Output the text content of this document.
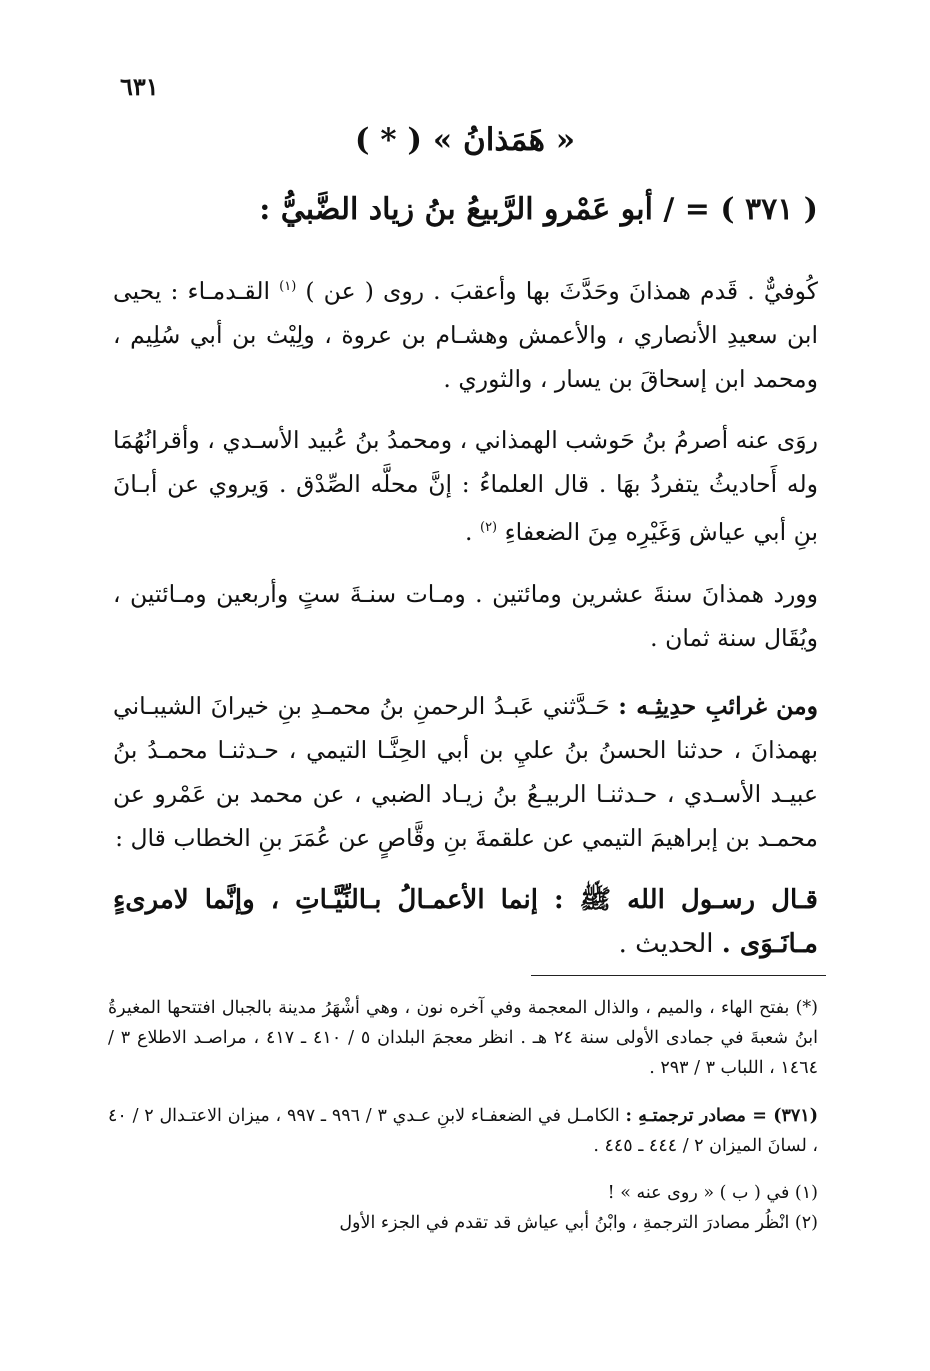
٦٣١
« هَمَذانُ » ( * )
( ٣٧١ ) = / أبو عَمْرو الرَّبيعُ بنُ زياد الضَّبيُّ :
كُوفيٌّ . قَدم همذانَ وحَدَّثَ بها وأعقبَ . روى ( عن ) $^{(١)}$ القـدمـاء : يحيى ابن سعيدِ الأنصاري ، والأعمش وهشـام بن عروة ، ولِيْث بن أبي سُلِيم ، ومحمد ابن إسحاقَ بن يسار ، والثوري .
روَى عنه أصرمُ بنُ حَوشب الهمذاني ، ومحمدُ بنُ عُبيد الأسـدي ، وأقرانُهُمَا وله أَحاديثُ يتفردُ بهَا . قال العلماءُ : إنَّ محلَّه الصِّدْق . وَيروي عن أبـانَ بنِ أبي عياش وَغَيْرِه مِنَ الضعفاءِ $^{(٢)}$ .
وورد همذانَ سنةَ عشرين ومائتين . ومـات سنـةَ ستٍ وأربعين ومـائتين ، ويُقَال سنة ثمان .
ومن غرائبِ حدِيثِـه : حَـدَّثني عَبـدُ الرحمنِ بنُ محمـدِ بنِ خيرانَ الشيبـاني بهمذانَ ، حدثنا الحسنُ بنُ عليِ بن أبي الحِنَّـا التيمي ، حـدثنـا محمـدُ بنُ عبيـد الأسـدي ، حـدثنـا الربيـعُ بنُ زيـاد الضبي ، عن محمد بن عَمْرو عن محمـد بن إبراهيمَ التيمي عن علقمةَ بنِ وقَّاصٍ عن عُمَرَ بنِ الخطاب قال :
قـال رسـول الله ﷺ : إنما الأعمـالُ بـالنِّيَّـاتِ ، وإنَّما لامرىءٍ مـانَـوَى . الحديث .
(*) بفتح الهاء ، والميم ، والذال المعجمة وفي آخره نون ، وهي أشْهَرُ مدينة بالجبال افتتحها المغيرةُ ابنُ شعبةَ في جمادى الأولى سنة ٢٤ هـ . انظر معجمَ البلدان ٥ / ٤١٠ ـ ٤١٧ ، مراصـد الاطلاع ٣ / ١٤٦٤ ، اللباب ٣ / ٢٩٣ .
(٣٧١) = مصادر ترجمتـهِ : الكامـل في الضعفـاء لابنِ عـدي ٣ / ٩٩٦ ـ ٩٩٧ ، ميزان الاعتـدال ٢ / ٤٠ ، لسانَ الميزان ٢ / ٤٤٤ ـ ٤٤٥ .
(١) في ( ب ) « روى عنه » !
(٢) انْظُر مصادرَ الترجمةِ ، وابْنُ أبي عياش قد تقدم في الجزء الأول
